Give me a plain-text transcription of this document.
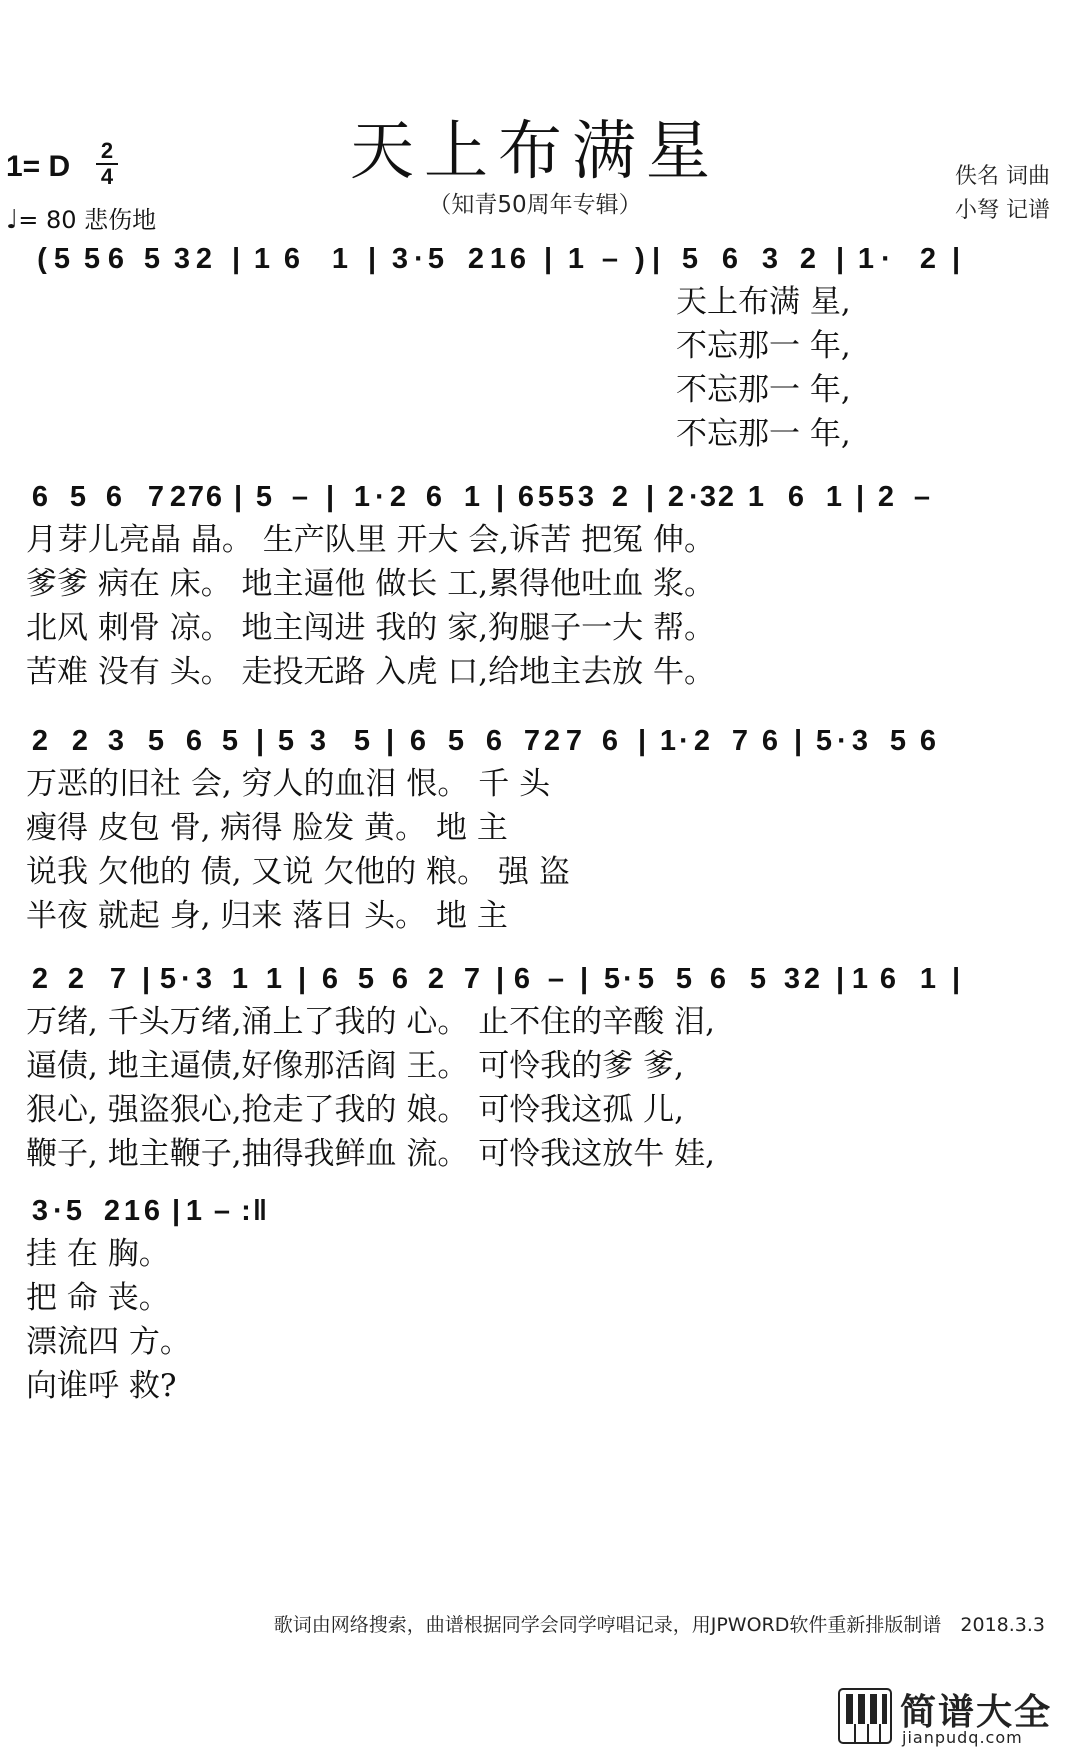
天上布满星
（知青50周年专辑）
1= D 2
4
♩= 80 悲伤地
佚名 词曲
小弩 记谱
( 5 5 6 5 3 2 | 1 6 1 | 3 · 5 2 1 6 | 1 – ) | 5 6 3 2 | 1 · 2 |
天上布满 星,
不忘那一 年,
不忘那一 年,
不忘那一 年,
6 5 6 7 2 7 6 | 5 – | 1 · 2 6 1 | 6 5 5 3 2 | 2 · 3 2 1 6 1 | 2 –
月芽儿亮晶 晶。 生产队里 开大 会,诉苦 把冤 伸。
爹爹 病在 床。 地主逼他 做长 工,累得他吐血 浆。
北风 刺骨 凉。 地主闯进 我的 家,狗腿子一大 帮。
苦难 没有 头。 走投无路 入虎 口,给地主去放 牛。
2 2 3 5 6 5 | 5 3 5 | 6 5 6 7 2 7 6 | 1 · 2 7 6 | 5 · 3 5 6
万恶的旧社 会, 穷人的血泪 恨。 千 头
瘦得 皮包 骨, 病得 脸发 黄。 地 主
说我 欠他的 债, 又说 欠他的 粮。 强 盗
半夜 就起 身, 归来 落日 头。 地 主
2 2 7 | 5 · 3 1 1 | 6 5 6 2 7 | 6 – | 5 · 5 5 6 5 3 2 | 1 6 1 |
万绪, 千头万绪,涌上了我的 心。 止不住的辛酸 泪,
逼债, 地主逼债,好像那活阎 王。 可怜我的爹 爹,
狠心, 强盗狠心,抢走了我的 娘。 可怜我这孤 儿,
鞭子, 地主鞭子,抽得我鲜血 流。 可怜我这放牛 娃,
3 · 5 2 1 6 | 1 – : ‖
挂 在 胸。
把 命 丧。
漂流四 方。
向谁呼 救?
歌词由网络搜索，曲谱根据同学会同学哼唱记录，用JPWORD软件重新排版制谱　2018.3.3
简谱大全
jianpudq.com
